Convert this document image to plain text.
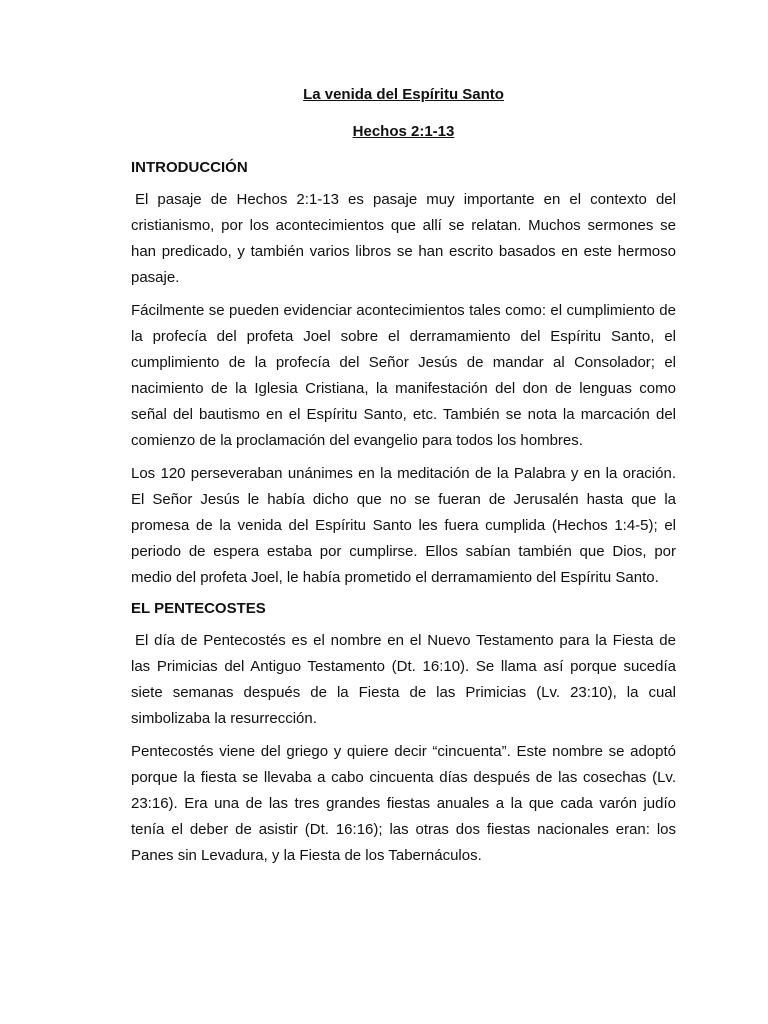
La venida del Espíritu Santo

Hechos 2:1-13

INTRODUCCIÓN

El pasaje de Hechos 2:1-13 es pasaje muy importante en el contexto del cristianismo, por los acontecimientos que allí se relatan. Muchos sermones se han predicado, y también varios libros se han escrito basados en este hermoso pasaje.

Fácilmente se pueden evidenciar acontecimientos tales como: el cumplimiento de la profecía del profeta Joel sobre el derramamiento del Espíritu Santo, el cumplimiento de la profecía del Señor Jesús de mandar al Consolador; el nacimiento de la Iglesia Cristiana, la manifestación del don de lenguas como señal del bautismo en el Espíritu Santo, etc. También se nota la marcación del comienzo de la proclamación del evangelio para todos los hombres.

Los 120 perseveraban unánimes en la meditación de la Palabra y en la oración. El Señor Jesús le había dicho que no se fueran de Jerusalén hasta que la promesa de la venida del Espíritu Santo les fuera cumplida (Hechos 1:4-5); el periodo de espera estaba por cumplirse. Ellos sabían también que Dios, por medio del profeta Joel, le había prometido el derramamiento del Espíritu Santo.

EL PENTECOSTES

El día de Pentecostés es el nombre en el Nuevo Testamento para la Fiesta de las Primicias del Antiguo Testamento (Dt. 16:10). Se llama así porque sucedía siete semanas después de la Fiesta de las Primicias (Lv. 23:10), la cual simbolizaba la resurrección.

Pentecostés viene del griego y quiere decir “cincuenta”. Este nombre se adoptó porque la fiesta se llevaba a cabo cincuenta días después de las cosechas (Lv. 23:16). Era una de las tres grandes fiestas anuales a la que cada varón judío tenía el deber de asistir (Dt. 16:16); las otras dos fiestas nacionales eran: los Panes sin Levadura, y la Fiesta de los Tabernáculos.
